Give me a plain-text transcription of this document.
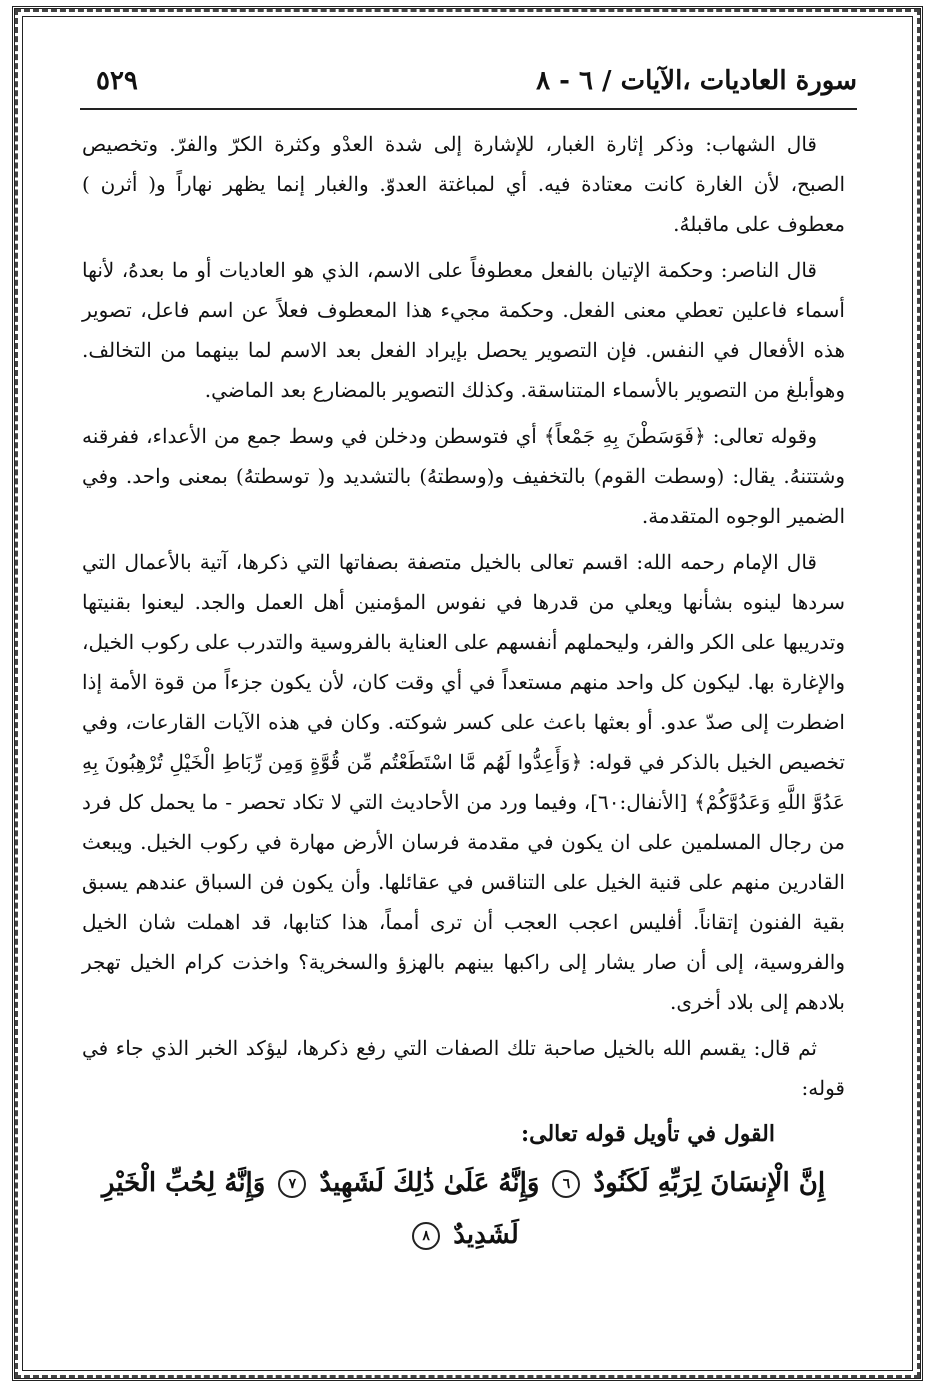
سورة العاديات ،الآيات / ٦ - ٨
٥٢٩

قال الشهاب: وذكر إثارة الغبار، للإشارة إلى شدة العدْو وكثرة الكرّ والفرّ. وتخصيص الصبح، لأن الغارة كانت معتادة فيه. أي لمباغتة العدوّ. والغبار إنما يظهر نهاراً و( أثرن ) معطوف على ماقبلهُ.

قال الناصر: وحكمة الإتيان بالفعل معطوفاً على الاسم، الذي هو العاديات أو ما بعدهُ، لأنها أسماء فاعلين تعطي معنى الفعل. وحكمة مجيء هذا المعطوف فعلاً عن اسم فاعل، تصوير هذه الأفعال في النفس. فإن التصوير يحصل بإيراد الفعل بعد الاسم لما بينهما من التخالف. وهوأبلغ من التصوير بالأسماء المتناسقة. وكذلك التصوير بالمضارع بعد الماضي.

وقوله تعالى: ﴿فَوَسَطْنَ بِهِ جَمْعاً﴾ أي فتوسطن ودخلن في وسط جمع من الأعداء، ففرقنه وشتتنهُ. يقال: (وسطت القوم) بالتخفيف و(وسطتهُ) بالتشديد و( توسطتهُ) بمعنى واحد. وفي الضمير الوجوه المتقدمة.

قال الإمام رحمه الله: اقسم تعالى بالخيل متصفة بصفاتها التي ذكرها، آتية بالأعمال التي سردها لينوه بشأنها ويعلي من قدرها في نفوس المؤمنين أهل العمل والجد. ليعنوا بقنيتها وتدريبها على الكر والفر، وليحملهم أنفسهم على العناية بالفروسية والتدرب على ركوب الخيل، والإغارة بها. ليكون كل واحد منهم مستعداً في أي وقت كان، لأن يكون جزءاً من قوة الأمة إذا اضطرت إلى صدّ عدو. أو بعثها باعث على كسر شوكته. وكان في هذه الآيات القارعات، وفي تخصيص الخيل بالذكر في قوله: ﴿وَأَعِدُّوا لَهُم مَّا اسْتَطَعْتُم مِّن قُوَّةٍ وَمِن رِّبَاطِ الْخَيْلِ تُرْهِبُونَ بِهِ عَدُوَّ اللَّهِ وَعَدُوَّكُمْ﴾ [الأنفال:٦٠]، وفيما ورد من الأحاديث التي لا تكاد تحصر - ما يحمل كل فرد من رجال المسلمين على ان يكون في مقدمة فرسان الأرض مهارة في ركوب الخيل. ويبعث القادرين منهم على قنية الخيل على التناقس في عقائلها. وأن يكون فن السباق عندهم يسبق بقية الفنون إتقاناً. أفليس اعجب العجب أن ترى أمماً، هذا كتابها، قد اهملت شان الخيل والفروسية، إلى أن صار يشار إلى راكبها بينهم بالهزؤ والسخرية؟ واخذت كرام الخيل تهجر بلادهم إلى بلاد أخرى.

ثم قال: يقسم الله بالخيل صاحبة تلك الصفات التي رفع ذكرها، ليؤكد الخبر الذي جاء في قوله:

القول في تأويل قوله تعالى:

إِنَّ الْإِنسَانَ لِرَبِّهِ لَكَنُودٌ ٦ وَإِنَّهُ عَلَىٰ ذَٰلِكَ لَشَهِيدٌ ٧ وَإِنَّهُ لِحُبِّ الْخَيْرِ

لَشَدِيدٌ ٨
